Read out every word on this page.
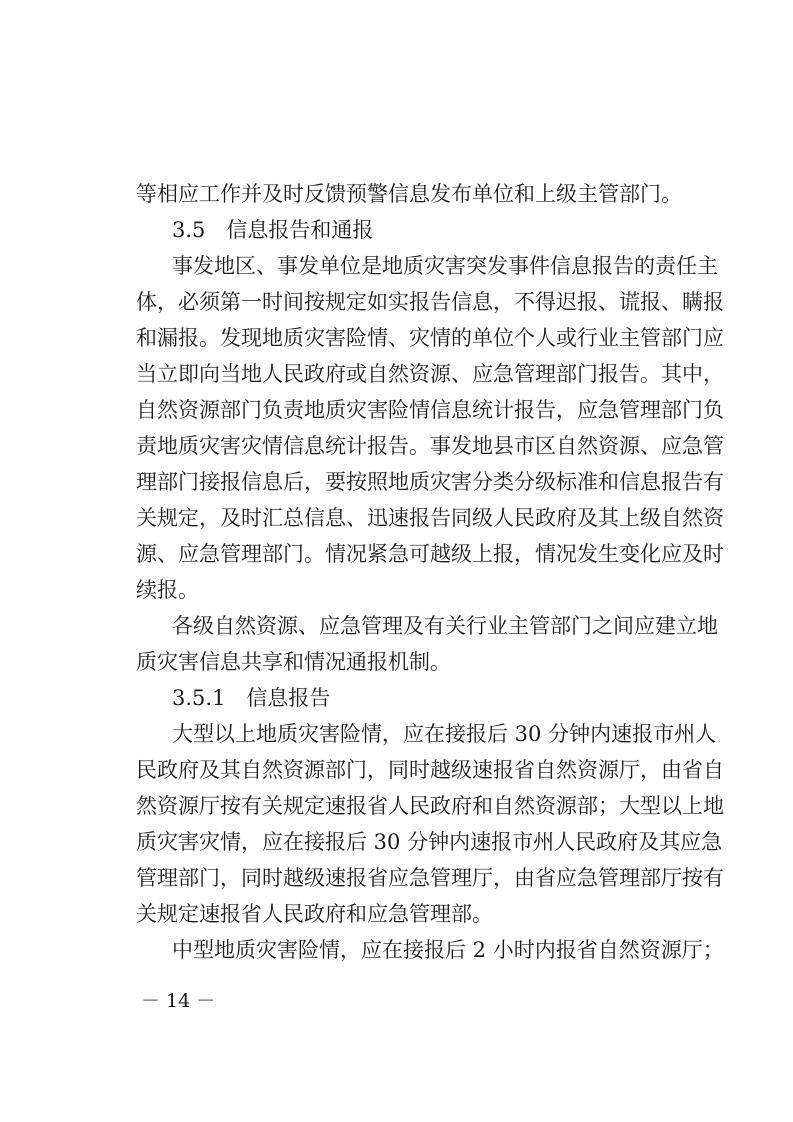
等相应工作并及时反馈预警信息发布单位和上级主管部门。
3.5　信息报告和通报
事发地区、事发单位是地质灾害突发事件信息报告的责任主
体，必须第一时间按规定如实报告信息，不得迟报、谎报、瞒报
和漏报。发现地质灾害险情、灾情的单位个人或行业主管部门应
当立即向当地人民政府或自然资源、应急管理部门报告。其中，
自然资源部门负责地质灾害险情信息统计报告，应急管理部门负
责地质灾害灾情信息统计报告。事发地县市区自然资源、应急管
理部门接报信息后，要按照地质灾害分类分级标准和信息报告有
关规定，及时汇总信息、迅速报告同级人民政府及其上级自然资
源、应急管理部门。情况紧急可越级上报，情况发生变化应及时
续报。
各级自然资源、应急管理及有关行业主管部门之间应建立地
质灾害信息共享和情况通报机制。
3.5.1　信息报告
大型以上地质灾害险情，应在接报后 30 分钟内速报市州人
民政府及其自然资源部门，同时越级速报省自然资源厅，由省自
然资源厅按有关规定速报省人民政府和自然资源部；大型以上地
质灾害灾情，应在接报后 30 分钟内速报市州人民政府及其应急
管理部门，同时越级速报省应急管理厅，由省应急管理部厅按有
关规定速报省人民政府和应急管理部。
中型地质灾害险情，应在接报后 2 小时内报省自然资源厅；
－ 14 －
